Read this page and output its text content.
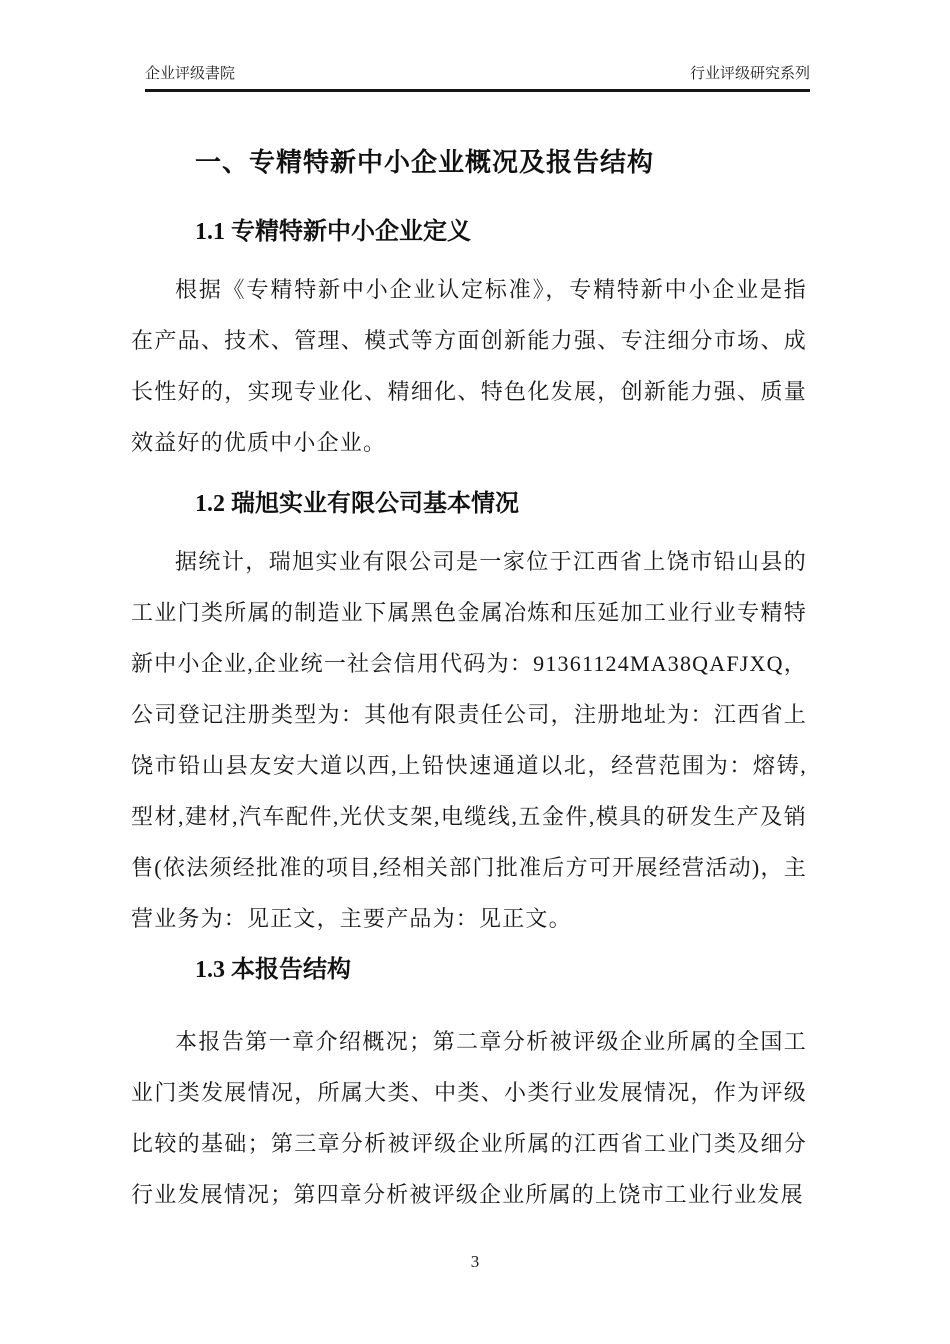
企业评级書院	行业评级研究系列
一、专精特新中小企业概况及报告结构
1.1 专精特新中小企业定义

根据《专精特新中小企业认定标准》，专精特新中小企业是指在产品、技术、管理、模式等方面创新能力强、专注细分市场、成长性好的，实现专业化、精细化、特色化发展，创新能力强、质量效益好的优质中小企业。

1.2 瑞旭实业有限公司基本情况

据统计，瑞旭实业有限公司是一家位于江西省上饶市铅山县的工业门类所属的制造业下属黑色金属冶炼和压延加工业行业专精特新中小企业,企业统一社会信用代码为：91361124MA38QAFJXQ，公司登记注册类型为：其他有限责任公司，注册地址为：江西省上饶市铅山县友安大道以西,上铅快速通道以北，经营范围为：熔铸,型材,建材,汽车配件,光伏支架,电缆线,五金件,模具的研发生产及销售(依法须经批准的项目,经相关部门批准后方可开展经营活动)，主营业务为：见正文，主要产品为：见正文。

1.3 本报告结构

本报告第一章介绍概况；第二章分析被评级企业所属的全国工业门类发展情况，所属大类、中类、小类行业发展情况，作为评级比较的基础；第三章分析被评级企业所属的江西省工业门类及细分行业发展情况；第四章分析被评级企业所属的上饶市工业行业发展

3
